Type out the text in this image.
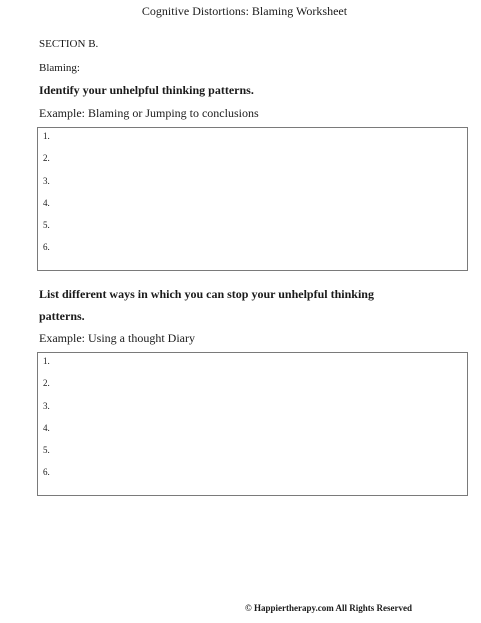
Cognitive Distortions: Blaming Worksheet
SECTION B.
Blaming:
Identify your unhelpful thinking patterns.
Example: Blaming or Jumping to conclusions
1.
2.
3.
4.
5.
6.
List different ways in which you can stop your unhelpful thinking
patterns.
Example: Using a thought Diary
1.
2.
3.
4.
5.
6.
© Happiertherapy.com All Rights Reserved
